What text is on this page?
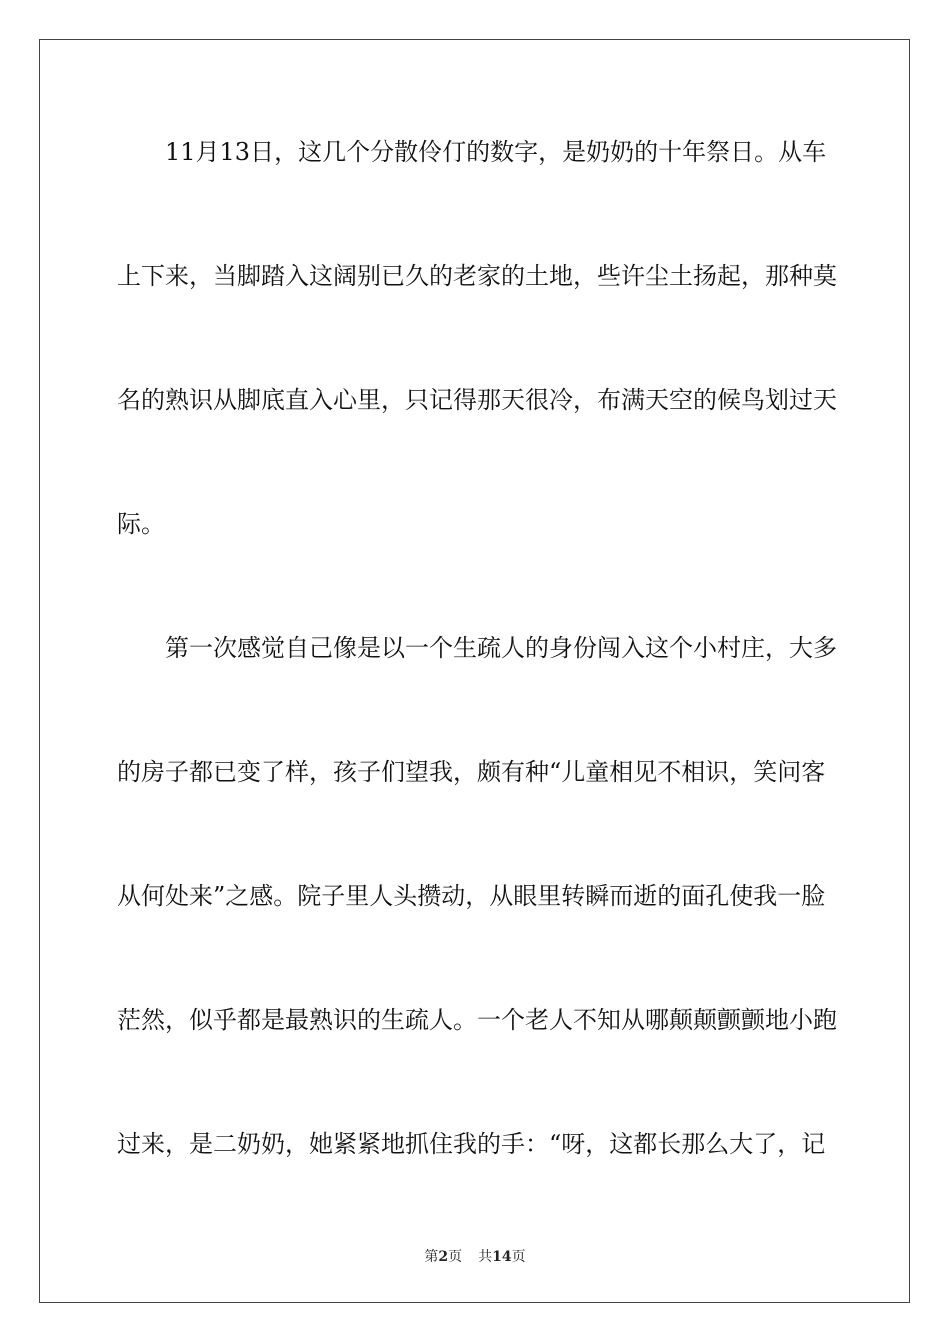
11月13日，这几个分散伶仃的数字，是奶奶的十年祭日。从车
上下来，当脚踏入这阔别已久的老家的土地，些许尘土扬起，那种莫
名的熟识从脚底直入心里，只记得那天很冷，布满天空的候鸟划过天
际。
第一次感觉自己像是以一个生疏人的身份闯入这个小村庄，大多
的房子都已变了样，孩子们望我，颇有种“儿童相见不相识，笑问客
从何处来”之感。院子里人头攒动，从眼里转瞬而逝的面孔使我一脸
茫然，似乎都是最熟识的生疏人。一个老人不知从哪颠颠颤颤地小跑
过来，是二奶奶，她紧紧地抓住我的手：“呀，这都长那么大了，记
第2页 共14页
